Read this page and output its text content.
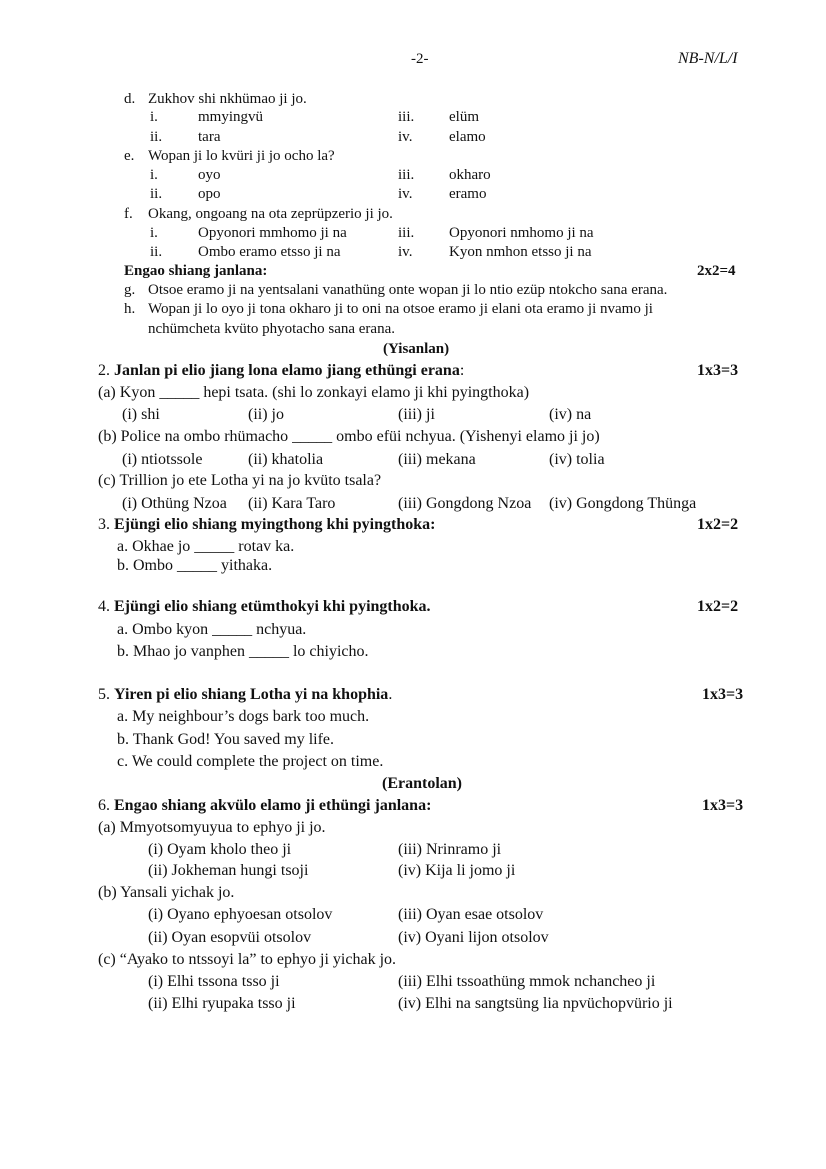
-2-	NB-N/L/I
d. Zukhov shi nkhümao ji jo.
i.	mmyingvü	iii. elüm
ii. tara	iv. elamo
e. Wopan ji lo kvüri ji jo ocho la?
i.	oyo	iii. okharo
ii. opo	iv. eramo
f. Okang, ongoang na ota zeprüpzerio ji jo.
i.	Opyonori mmhomo ji na	iii. Opyonori nmhomo ji na
ii. Ombo eramo etsso ji na	iv. Kyon nmhon etsso ji na
Engao shiang janlana:	2x2=4
g. Otsoe eramo ji na yentsalani vanathüng onte wopan ji lo ntio ezüp ntokcho sana erana.
h. Wopan ji lo oyo ji tona okharo ji to oni na otsoe eramo ji elani ota eramo ji nvamo ji
nchümcheta kvüto phyotacho sana erana.
(Yisanlan)
2. Janlan pi elio jiang lona elamo jiang ethüngi erana:	1x3=3
(a) Kyon _____ hepi tsata. (shi lo zonkayi elamo ji khi pyingthoka)
(i) shi	(ii) jo	(iii) ji	(iv) na
(b) Police na ombo rhümacho _____ ombo efüi nchyua. (Yishenyi elamo ji jo)
(i) ntiotssole	(ii) khatolia	(iii) mekana	(iv) tolia
(c) Trillion jo ete Lotha yi na jo kvüto tsala?
(i) Othüng Nzoa (ii) Kara Taro	(iii) Gongdong Nzoa (iv) Gongdong Thünga
3. Ejüngi elio shiang myingthong khi pyingthoka:	1x2=2
a. Okhae jo _____ rotav ka.
b. Ombo _____ yithaka.
4. Ejüngi elio shiang etümthokyi khi pyingthoka.	1x2=2
a. Ombo kyon _____ nchyua.
b. Mhao jo vanphen _____ lo chiyicho.
5. Yiren pi elio shiang Lotha yi na khophia.	1x3=3
a. My neighbour’s dogs bark too much.
b. Thank God! You saved my life.
c. We could complete the project on time.
(Erantolan)
6. Engao shiang akvülo elamo ji ethüngi janlana:	1x3=3
(a) Mmyotsomyuyua to ephyo ji jo.
(i) Oyam kholo theo ji	(iii) Nrinramo ji
(ii) Jokheman hungi tsoji	(iv) Kija li jomo ji
(b) Yansali yichak jo.
(i) Oyano ephyoesan otsolov	(iii) Oyan esae otsolov
(ii) Oyan esopvüi otsolov	(iv) Oyani lijon otsolov
(c) “Ayako to ntssoyi la” to ephyo ji yichak jo.
(i) Elhi tssona tsso ji	(iii) Elhi tssoathüng mmok nchancheo ji
(ii) Elhi ryupaka tsso ji	(iv) Elhi na sangtsüng lia npvüchopvürio ji
